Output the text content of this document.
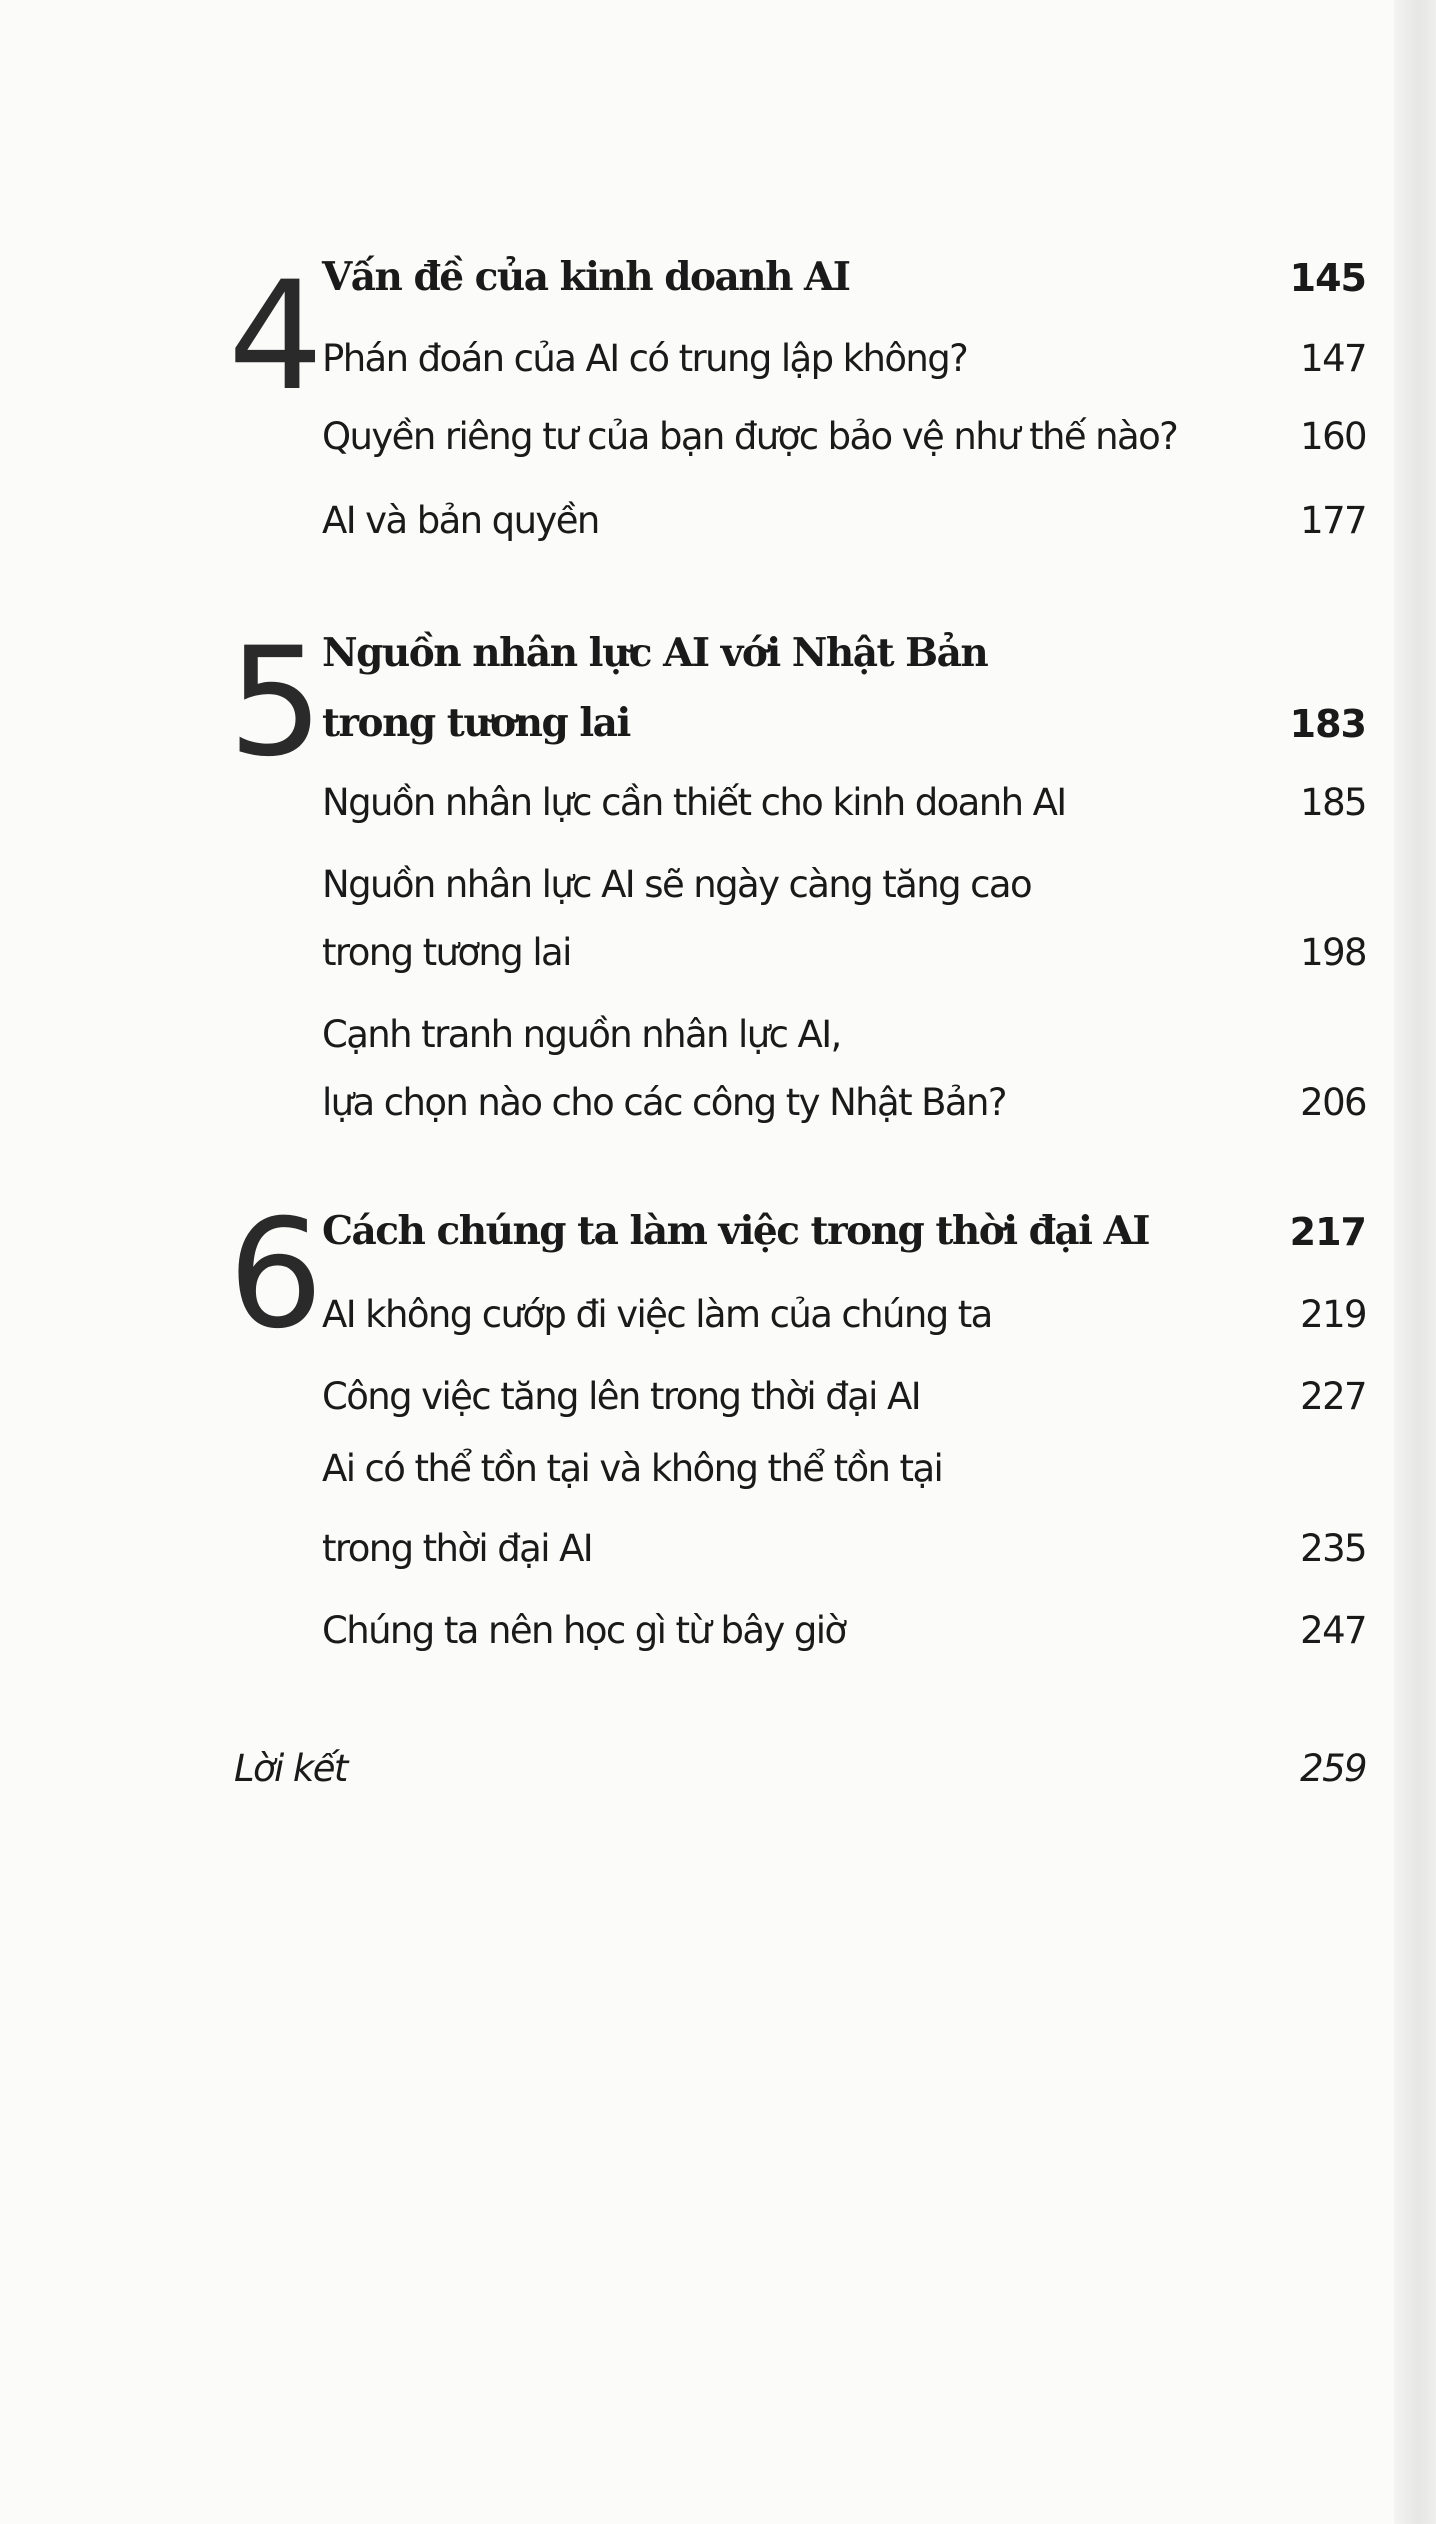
4 Vấn đề của kinh doanh AI	145
Phán đoán của AI có trung lập không?	147
Quyền riêng tư của bạn được bảo vệ như thế nào?	160
AI và bản quyền	177
5 Nguồn nhân lực AI với Nhật Bản
trong tương lai	183
Nguồn nhân lực cần thiết cho kinh doanh AI	185
Nguồn nhân lực AI sẽ ngày càng tăng cao
trong tương lai	198
Cạnh tranh nguồn nhân lực AI,
lựa chọn nào cho các công ty Nhật Bản?	206
6 Cách chúng ta làm việc trong thời đại AI	217
AI không cướp đi việc làm của chúng ta	219
Công việc tăng lên trong thời đại AI	227
Ai có thể tồn tại và không thể tồn tại
trong thời đại AI	235
Chúng ta nên học gì từ bây giờ	247
Lời kết	259
